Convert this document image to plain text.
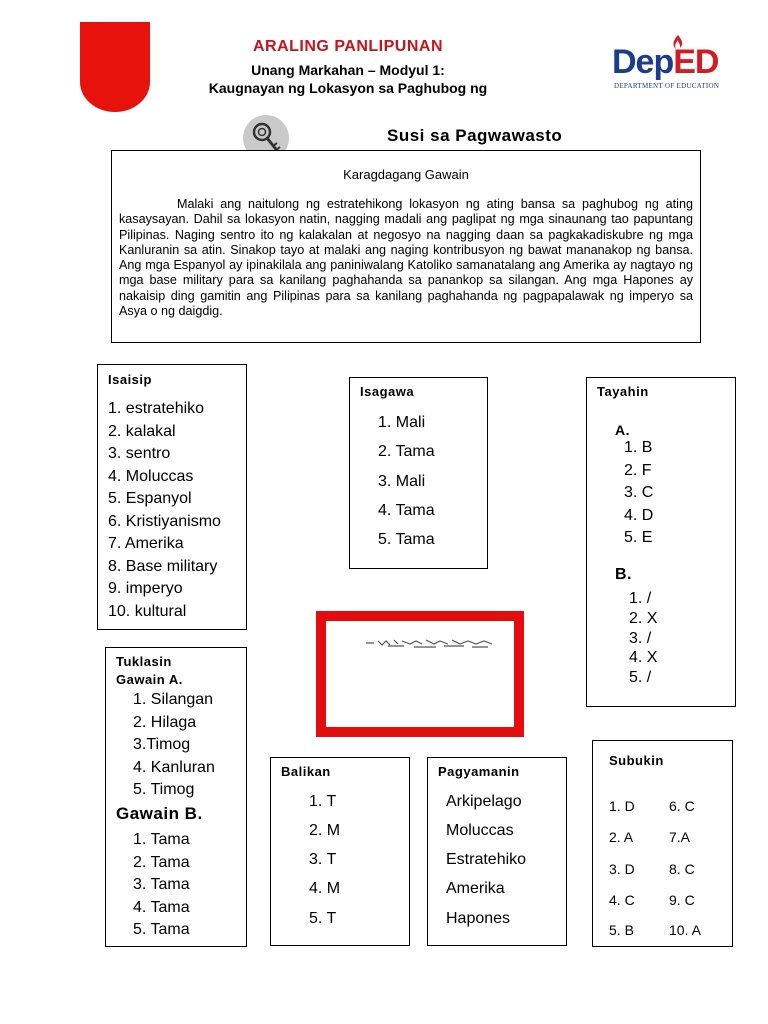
ARALING PANLIPUNAN
Unang Markahan – Modyul 1:
Kaugnayan ng Lokasyon sa Paghubog ng
DepED
DEPARTMENT OF EDUCATION
Susi sa Pagwawasto
Karagdagang Gawain
Malaki ang naitulong ng estratehikong lokasyon ng ating bansa sa paghubog ng ating kasaysayan. Dahil sa lokasyon natin, nagging madali ang paglipat ng mga sinaunang tao papuntang Pilipinas. Naging sentro ito ng kalakalan at negosyo na nagging daan sa pagkakadiskubre ng mga Kanluranin sa atin. Sinakop tayo at malaki ang naging kontribusyon ng bawat mananakop ng bansa. Ang mga Espanyol ay ipinakilala ang paniniwalang Katoliko samanatalang ang Amerika ay nagtayo ng mga base military para sa kanilang paghahanda sa panankop sa silangan. Ang mga Hapones ay nakaisip ding gamitin ang Pilipinas para sa kanilang paghahanda ng pagpapalawak ng imperyo sa Asya o ng daigdig.
Isaisip
1. estratehiko
2. kalakal
3. sentro
4. Moluccas
5. Espanyol
6. Kristiyanismo
7. Amerika
8. Base military
9. imperyo
10. kultural
Isagawa
1. Mali
2. Tama
3. Mali
4. Tama
5. Tama
Tayahin
A.
1. B
2. F
3. C
4. D
5. E
B.
1. /
2. X
3. /
4. X
5. /
Tuklasin
Gawain A.
1. Silangan
2. Hilaga
3.Timog
4. Kanluran
5. Timog
Gawain B.
1. Tama
2. Tama
3. Tama
4. Tama
5. Tama
Balikan
1. T
2. M
3. T
4. M
5. T
Pagyamanin
Arkipelago
Moluccas
Estratehiko
Amerika
Hapones
Subukin
1. D 6. C
2. A	7.A
3. D 8. C
4. C 9. C
5. B	10. A
